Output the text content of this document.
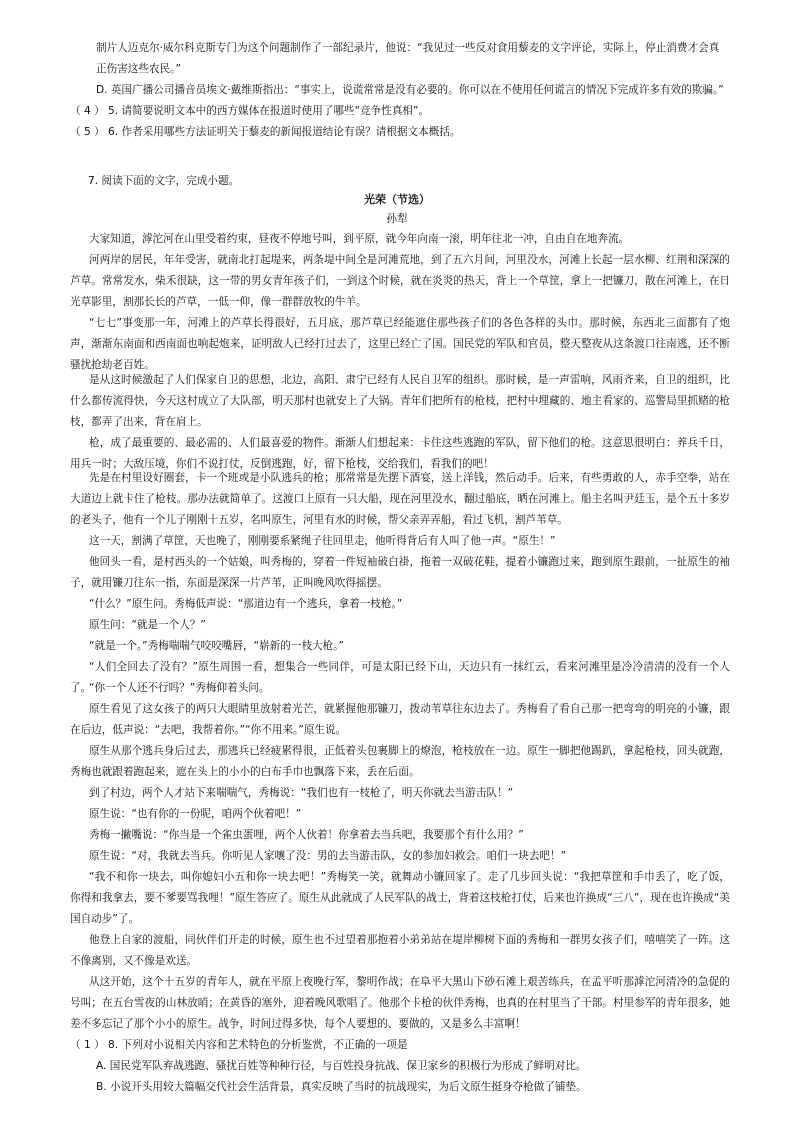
制片人迈克尔·威尔科克斯专门为这个问题制作了一部纪录片，他说：“我见过一些反对食用藜麦的文字评论，实际上，停止消费才会真正伤害这些农民。”

D. 英国广播公司播音员埃文·戴维斯指出：“事实上，说谎常常是没有必要的。你可以在不使用任何谎言的情况下完成许多有效的欺骗。”

（ 4 ） 5. 请简要说明文本中的西方媒体在报道时使用了哪些“竞争性真相”。

（ 5 ） 6. 作者采用哪些方法证明关于藜麦的新闻报道结论有误？请根据文本概括。

7. 阅读下面的文字，完成小题。

光荣（节选）

孙犁

大家知道，滹沱河在山里受着约束，昼夜不停地号叫，到平原，就今年向南一滚，明年往北一冲，自由自在地奔流。

河两岸的居民，年年受害，就南北打起堤来，两条堤中间全是河滩荒地，到了五六月间，河里没水，河滩上长起一层水柳、红荆和深深的芦草。常常发水，柴禾很缺，这一带的男女青年孩子们，一到这个时候，就在炎炎的热天，背上一个草筐，拿上一把镰刀，散在河滩上，在日光草影里，割那长长的芦草，一低一仰，像一群群放牧的牛羊。

“七七”事变那一年，河滩上的芦草长得很好，五月底，那芦草已经能遮住那些孩子们的各色各样的头巾。那时候，东西北三面都有了炮声，渐渐东南面和西南面也响起炮来，证明敌人已经打过去了，这里已经亡了国。国民党的军队和官员，整天整夜从这条渡口往南逃，还不断骚扰抢劫老百姓。

是从这时候激起了人们保家自卫的思想，北边，高阳、肃宁已经有人民自卫军的组织。那时候，是一声雷响，风雨齐来，自卫的组织，比什么都传流得快，今天这村成立了大队部，明天那村也就安上了大锅。青年们把所有的枪枝，把村中埋藏的、地主看家的、巡警局里抓赌的枪枝，都弄了出来，背在肩上。

枪，成了最重要的、最必需的、人们最喜爱的物件。渐渐人们想起来：卡住这些逃跑的军队，留下他们的枪。这意思很明白：养兵千日，用兵一时；大敌压境，你们不说打仗，反倒逃跑，好，留下枪枝，交给我们，看我们的吧！

先是在村里设好圈套，卡一个班或是小队逃兵的枪；那常常是先摆下酒宴，送上洋钱，然后动手。后来，有些勇敢的人，赤手空拳，站在大道边上就卡住了枪枝。那办法就简单了。这渡口上原有一只大船，现在河里没水，翻过船底，晒在河滩上。船主名叫尹廷玉，是个五十多岁的老头子，他有一个儿子刚刚十五岁，名叫原生，河里有水的时候，帮父亲弄弄船，看过飞机，割芦苇草。

这一天，割满了草筐，天也晚了，刚刚要系紧绳子往回里走，他听得背后有人叫了他一声。“原生！”

他回头一看，是村西头的一个姑娘，叫秀梅的，穿着一件短袖破白褂，拖着一双破花鞋，提着小镰跑过来，跑到原生跟前，一扯原生的袖子，就用镰刀往东一指，东面是深深一片芦苇，正叫晚风吹得摇摆。

“什么？”原生问。秀梅低声说：“那道边有一个逃兵，拿着一枝枪。”

原生问：“就是一个人？”

“就是一个。”秀梅喘喘气咬咬嘴唇，“崭新的一枝大枪。”

“人们全回去了没有？”原生周围一看，想集合一些同伴，可是太阳已经下山，天边只有一抹红云，看来河滩里是冷冷清清的没有一个人了。

“你一个人还不行吗？”秀梅仰着头问。

原生看见了这女孩子的两只大眼睛里放射着光芒，就紧握他那镰刀，拨动苇草往东边去了。秀梅看了看自己那一把弯弯的明亮的小镰，跟在后边，低声说：“去吧，我帮着你。”“你不用来。”原生说。

原生从那个逃兵身后过去，那逃兵已经疲累得很，正低着头包裹脚上的燎泡，枪枝放在一边。原生一脚把他踢趴，拿起枪枝，回头就跑，秀梅也就跟着跑起来，遮在头上的小小的白布手巾也飘落下来，丢在后面。

到了村边，两个人才站下来喘喘气，秀梅说：“我们也有一枝枪了，明天你就去当游击队！”

原生说：“也有你的一份呢，咱两个伙着吧！”

秀梅一撇嘴说：“你当是一个雀虫蛋哩，两个人伙着！你拿着去当兵吧，我要那个有什么用？”

原生说：“对，我就去当兵。你听见人家嚷了没：男的去当游击队，女的参加妇救会。咱们一块去吧！”

“我不和你一块去，叫你媳妇小五和你一块去吧！”秀梅笑一笑，就舞动小镰回家了。走了几步回头说：“我把草筐和手巾丢了，吃了饭，你得和我拿去，要不爹要骂我哩！”原生答应了。原生从此就成了人民军队的战士，背着这枝枪打仗，后来也许换成“三八”，现在也许换成“美国自动步”了。

他登上自家的渡船，同伙伴们开走的时候，原生也不过望着那抱着小弟弟站在堤岸柳树下面的秀梅和一群男女孩子们，嘻嘻笑了一阵。这不像离别，又不像是欢送。

从这开始，这个十五岁的青年人，就在平原上夜晚行军，黎明作战；在阜平大黑山下砂石滩上艰苦练兵，在孟平听那滹沱河清冷的急促的号叫；在五台雪夜的山林放哨；在黄昏的塞外，迎着晚风歌唱了。他那个卡枪的伙伴秀梅，也真的在村里当了干部。村里参军的青年很多，她差不多忘记了那个小小的原生。战争，时间过得多快，每个人要想的、要做的，又是多么丰富啊！

（ 1 ） 8. 下列对小说相关内容和艺术特色的分析鉴赏，不正确的一项是

A. 国民党军队弃战逃跑、骚扰百姓等种种行径，与百姓投身抗战、保卫家乡的积极行为形成了鲜明对比。

B. 小说开头用较大篇幅交代社会生活背景，真实反映了当时的抗战现实，为后文原生挺身夺枪做了铺垫。
